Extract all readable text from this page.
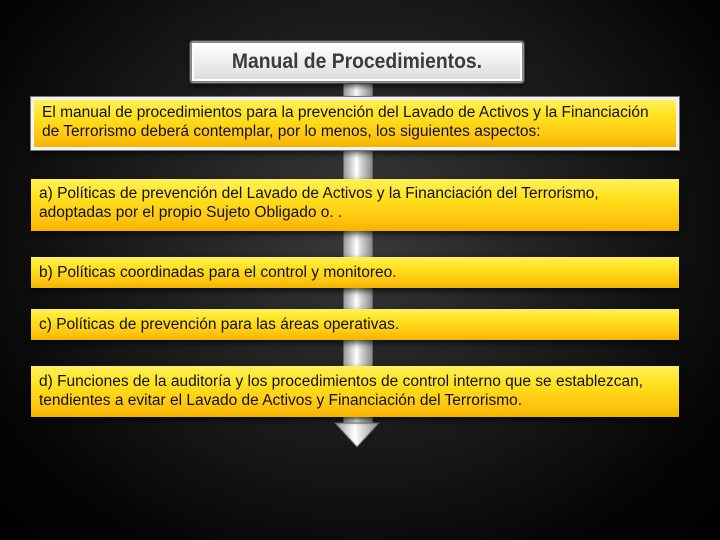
Manual de Procedimientos.
El manual de procedimientos para la prevención del Lavado de Activos y la Financiación de Terrorismo deberá contemplar, por lo menos, los siguientes aspectos:
a) Políticas de prevención del Lavado de Activos y la Financiación del Terrorismo, adoptadas por el propio Sujeto Obligado o. .
b) Políticas coordinadas para el control y monitoreo.
c) Políticas de prevención para las áreas operativas.
d) Funciones de la auditoría y los procedimientos de control interno que se establezcan, tendientes a evitar el Lavado de Activos y Financiación del Terrorismo.
